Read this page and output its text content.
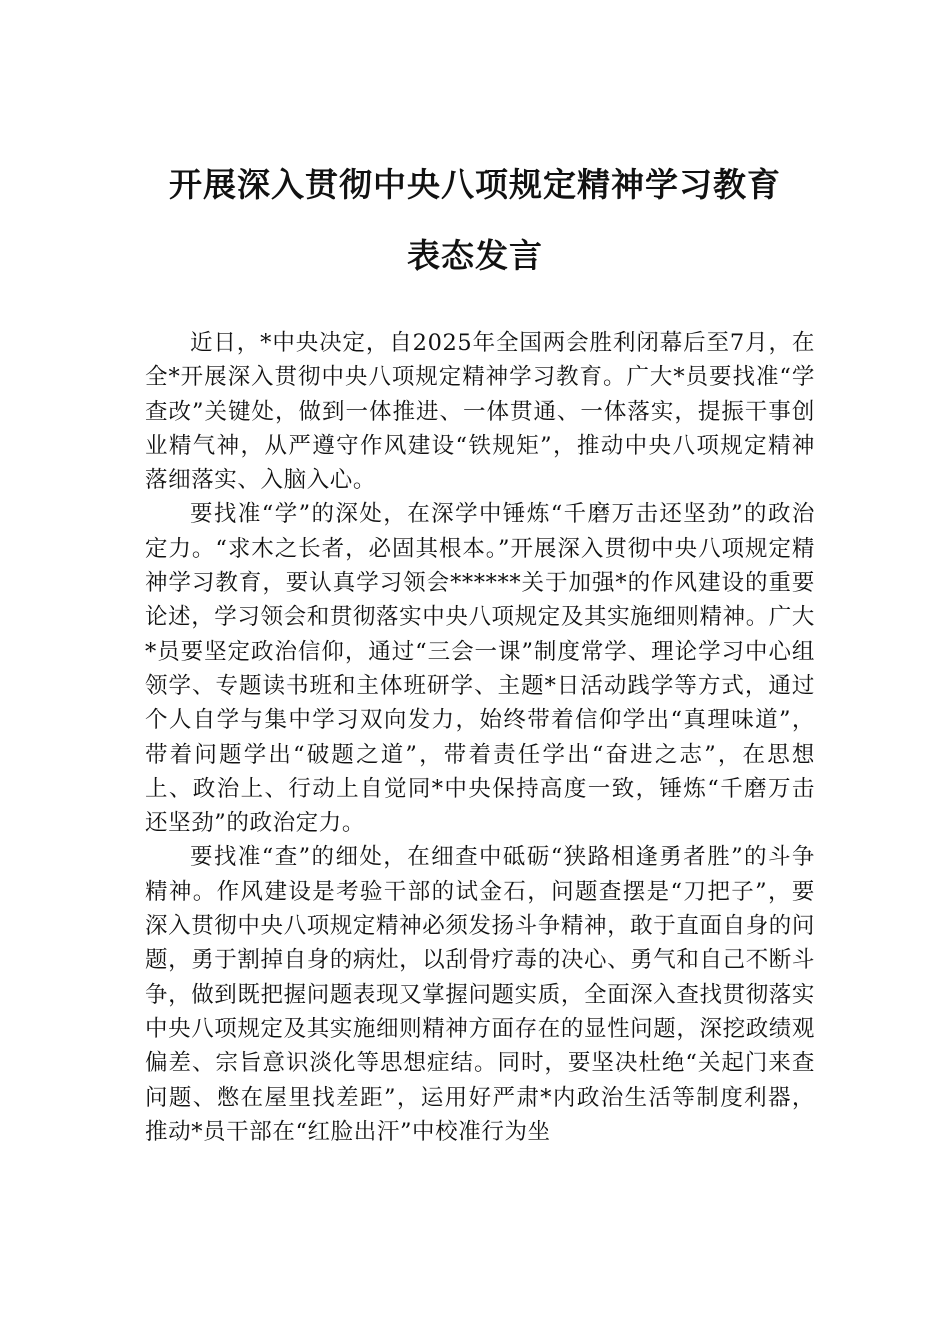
开展深入贯彻中央八项规定精神学习教育
表态发言

近日，*中央决定，自2025年全国两会胜利闭幕后至7月，在全*开展深入贯彻中央八项规定精神学习教育。广大*员要找准“学查改”关键处，做到一体推进、一体贯通、一体落实，提振干事创业精气神，从严遵守作风建设“铁规矩”，推动中央八项规定精神落细落实、入脑入心。

要找准“学”的深处，在深学中锤炼“千磨万击还坚劲”的政治定力。“求木之长者，必固其根本。”开展深入贯彻中央八项规定精神学习教育，要认真学习领会******关于加强*的作风建设的重要论述，学习领会和贯彻落实中央八项规定及其实施细则精神。广大*员要坚定政治信仰，通过“三会一课”制度常学、理论学习中心组领学、专题读书班和主体班研学、主题*日活动践学等方式，通过个人自学与集中学习双向发力，始终带着信仰学出“真理味道”，带着问题学出“破题之道”，带着责任学出“奋进之志”，在思想上、政治上、行动上自觉同*中央保持高度一致，锤炼“千磨万击还坚劲”的政治定力。

要找准“查”的细处，在细查中砥砺“狭路相逢勇者胜”的斗争精神。作风建设是考验干部的试金石，问题查摆是“刀把子”，要深入贯彻中央八项规定精神必须发扬斗争精神，敢于直面自身的问题，勇于割掉自身的病灶，以刮骨疗毒的决心、勇气和自己不断斗争，做到既把握问题表现又掌握问题实质，全面深入查找贯彻落实中央八项规定及其实施细则精神方面存在的显性问题，深挖政绩观偏差、宗旨意识淡化等思想症结。同时，要坚决杜绝“关起门来查问题、憋在屋里找差距”，运用好严肃*内政治生活等制度利器，推动*员干部在“红脸出汗”中校准行为坐
